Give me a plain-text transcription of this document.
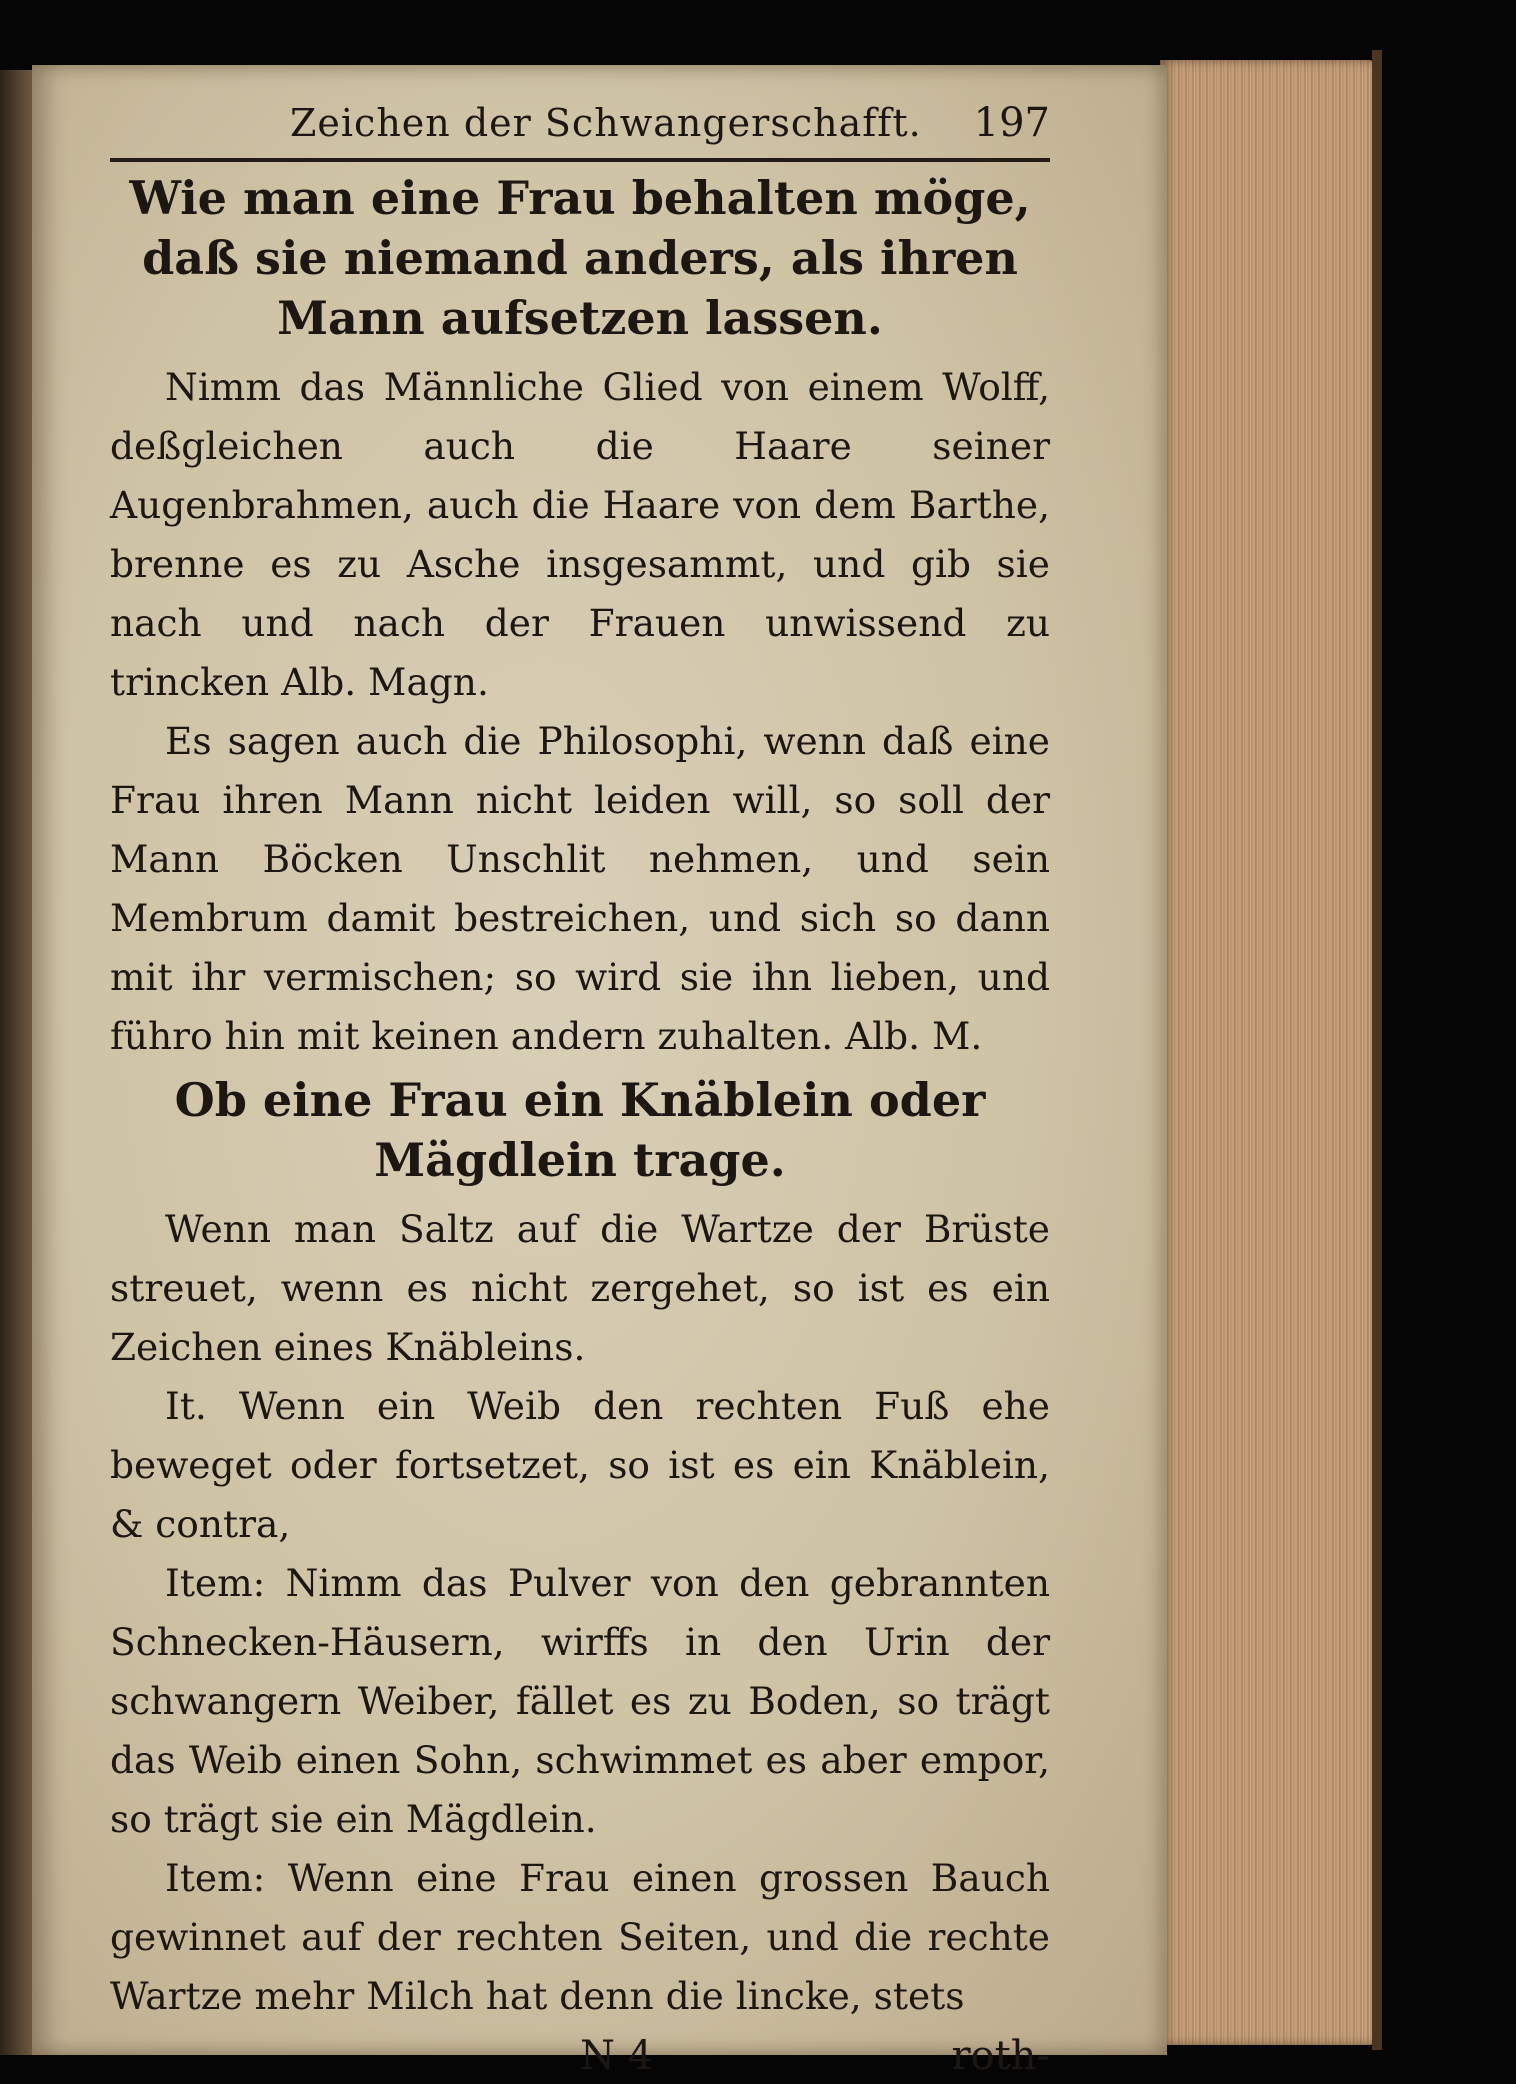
Zeichen der Schwangerschafft. 197
Wie man eine Frau behalten möge, daß sie niemand anders, als ihren Mann aufsetzen lassen.

Nimm das Männliche Glied von einem Wolff, deßgleichen auch die Haare seiner Augenbrahmen, auch die Haare von dem Barthe, brenne es zu Asche insgesammt, und gib sie nach und nach der Frauen unwissend zu trincken Alb. Magn.

Es sagen auch die Philosophi, wenn daß eine Frau ihren Mann nicht leiden will, so soll der Mann Böcken Unschlit nehmen, und sein Membrum damit bestreichen, und sich so dann mit ihr vermischen; so wird sie ihn lieben, und führo hin mit keinen andern zuhalten. Alb. M.

Ob eine Frau ein Knäblein oder Mägdlein trage.

Wenn man Saltz auf die Wartze der Brüste streuet, wenn es nicht zergehet, so ist es ein Zeichen eines Knäbleins.

It. Wenn ein Weib den rechten Fuß ehe beweget oder fortsetzet, so ist es ein Knäblein, & contra,

Item: Nimm das Pulver von den gebrannten Schnecken-Häusern, wirffs in den Urin der schwangern Weiber, fället es zu Boden, so trägt das Weib einen Sohn, schwimmet es aber empor, so trägt sie ein Mägdlein.

Item: Wenn eine Frau einen grossen Bauch gewinnet auf der rechten Seiten, und die rechte Wartze mehr Milch hat denn die lincke, stets

N 4	roth-
